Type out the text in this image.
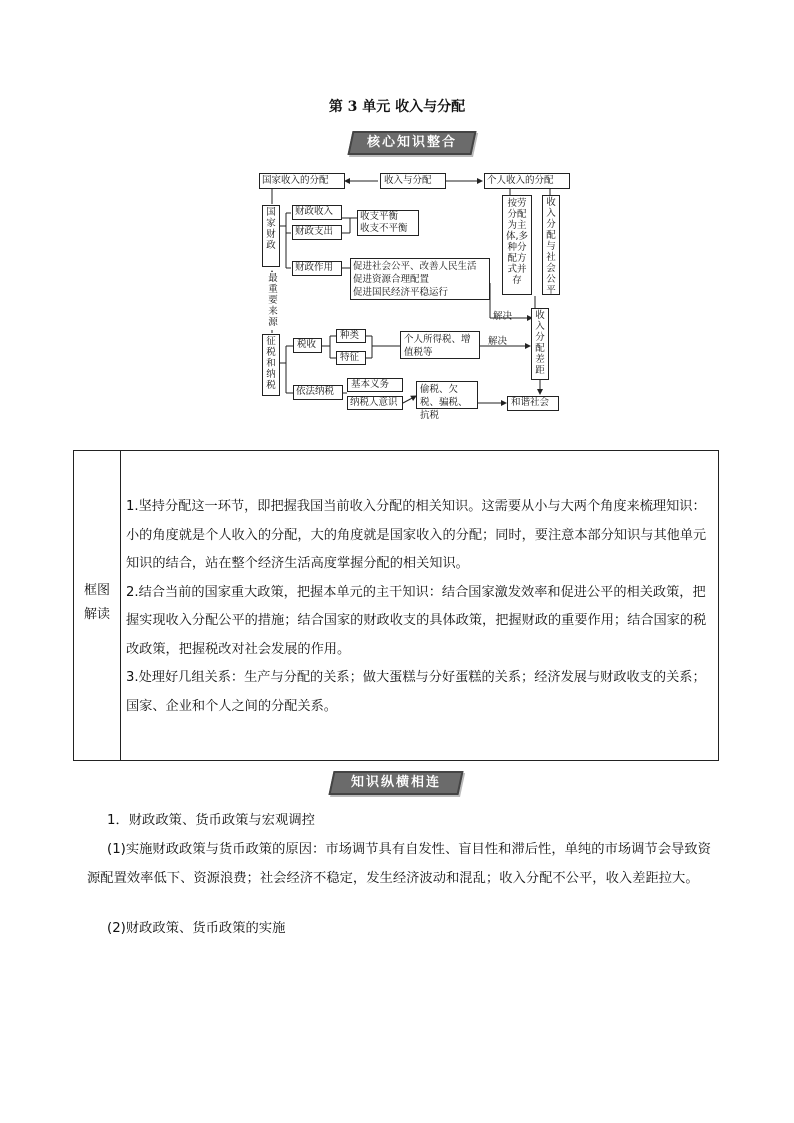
第 3 单元 收入与分配
核心知识整合
国家收入的分配	收入与分配	个人收入的分配
国家财政
财政收入
财政支出
收支平衡
收支不平衡
财政作用	促进社会公平、改善人民生活
促进资源合理配置
促进国民经济平稳运行
按劳分配为主体,多种分配方式并存
收入分配与社会公平
收入分配差距
解决
最重要来源
征税和纳税
税收
种类
特征
个人所得税、增值税等
解决
依法纳税
基本义务
纳税人意识
偷税、欠税、骗税、抗税
和谐社会
框图
解读

1.坚持分配这一环节，即把握我国当前收入分配的相关知识。这需要从小与大两个角度来梳理知识：小的角度就是个人收入的分配，大的角度就是国家收入的分配；同时，要注意本部分知识与其他单元知识的结合，站在整个经济生活高度掌握分配的相关知识。

2.结合当前的国家重大政策，把握本单元的主干知识：结合国家激发效率和促进公平的相关政策，把握实现收入分配公平的措施；结合国家的财政收支的具体政策，把握财政的重要作用；结合国家的税改政策，把握税改对社会发展的作用。

3.处理好几组关系：生产与分配的关系；做大蛋糕与分好蛋糕的关系；经济发展与财政收支的关系；国家、企业和个人之间的分配关系。

知识纵横相连
1．财政政策、货币政策与宏观调控
(1)实施财政政策与货币政策的原因：市场调节具有自发性、盲目性和滞后性，单纯的市场调节会导致资源配置效率低下、资源浪费；社会经济不稳定，发生经济波动和混乱；收入分配不公平，收入差距拉大。
(2)财政政策、货币政策的实施
